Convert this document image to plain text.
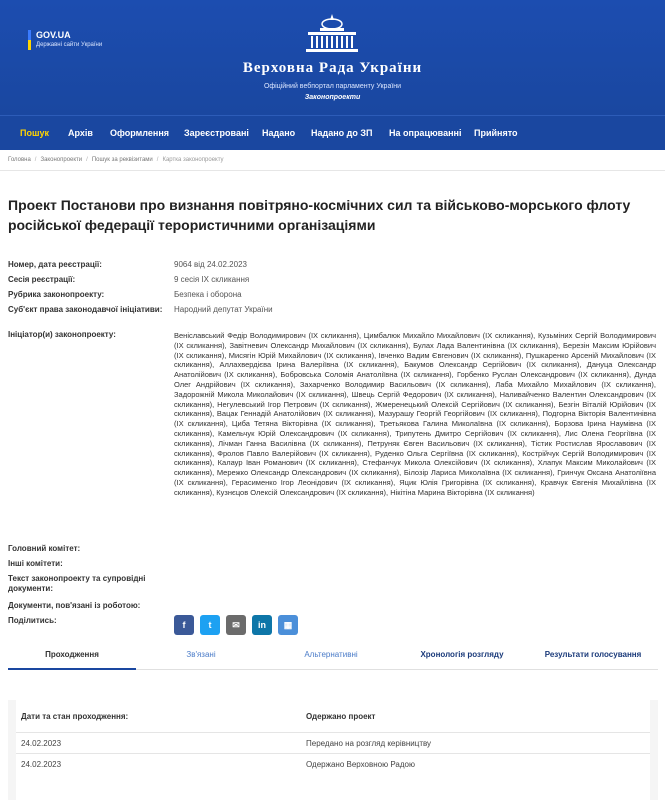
GOV.UA
Державні сайти України
Верховна Рада України
Офіційний вебпортал парламенту України
Законопроекти
Пошук Архів Оформлення Зареєстровані Надано Надано до ЗП На опрацюванні Прийнято
Головна / Законопроекти / Пошук за реквізитами / Картка законопроекту
Проект Постанови про визнання повітряно-космічних сил та військово-морського флоту російської федерації терористичними організаціями
Номер, дата реєстрації:	9064 від 24.02.2023
Сесія реєстрації:	9 сесія IX скликання
Рубрика законопроекту:	Безпека і оборона
Суб'єкт права законодавчої ініціативи:	Народний депутат України
Ініціатор(и) законопроекту:	Веніславський Федір Володимирович (IX скликання), Цимбалюк Михайло Михайлович (IX скликання), Кузьміних Сергій Володимирович (IX скликання), Завітневич Олександр Михайлович (IX скликання), Булах Лада Валентинівна (IX скликання), Березін Максим Юрійович (IX скликання), Мисягін Юрій Михайлович (IX скликання), Івченко Вадим Євгенович (IX скликання), Пушкаренко Арсеній Михайлович (IX скликання), Аллахвердієва Ірина Валеріївна (IX скликання), Бакумов Олександр Сергійович (IX скликання), Дануца Олександр Анатолійович (IX скликання), Бобровська Соломія Анатоліївна (IX скликання), Горбенко Руслан Олександрович (IX скликання), Дунда Олег Андрійович (IX скликання), Захарченко Володимир Васильович (IX скликання), Лаба Михайло Михайлович (IX скликання), Задорожній Микола Миколайович (IX скликання), Швець Сергій Федорович (IX скликання), Наливайченко Валентин Олександрович (IX скликання), Негулевський Ігор Петрович (IX скликання), Жмеренецький Олексій Сергійович (IX скликання), Безгін Віталій Юрійович (IX скликання), Вацак Геннадій Анатолійович (IX скликання), Мазурашу Георгій Георгійович (IX скликання), Подгорна Вікторія Валентинівна (IX скликання), Циба Тетяна Вікторівна (IX скликання), Третьякова Галина Миколаївна (IX скликання), Борзова Ірина Наумівна (IX скликання), Камельчук Юрій Олександрович (IX скликання), Трипутень Дмитро Сергійович (IX скликання), Лис Олена Георгіївна (IX скликання), Лічман Ганна Василівна (IX скликання), Петруняк Євген Васильович (IX скликання), Тістик Ростислав Ярославович (IX скликання), Фролов Павло Валерійович (IX скликання), Руденко Ольга Сергіївна (IX скликання), Кострійчук Сергій Володимирович (IX скликання), Калаур Іван Романович (IX скликання), Стефанчук Микола Олексійович (IX скликання), Хлапук Максим Миколайович (IX скликання), Мережко Олександр Олександрович (IX скликання), Білозір Лариса Миколаївна (IX скликання), Гринчук Оксана Анатоліївна (IX скликання), Герасименко Ігор Леонідович (IX скликання), Яцик Юлія Григорівна (IX скликання), Кравчук Євгенія Михайлівна (IX скликання), Кузнєцов Олексій Олександрович (IX скликання), Нікітіна Марина Вікторівна (IX скликання)
Головний комітет:
Інші комітети:
Текст законопроекту та супровідні документи:
Документи, пов'язані із роботою:
Поділитись:	f	t	✉	in	▦
Проходження	Зв'язані	Альтернативні	Хронологія розгляду	Результати голосування
Дати та стан проходження:	Одержано проект
24.02.2023	Передано на розгляд керівництву
24.02.2023	Одержано Верховною Радою
